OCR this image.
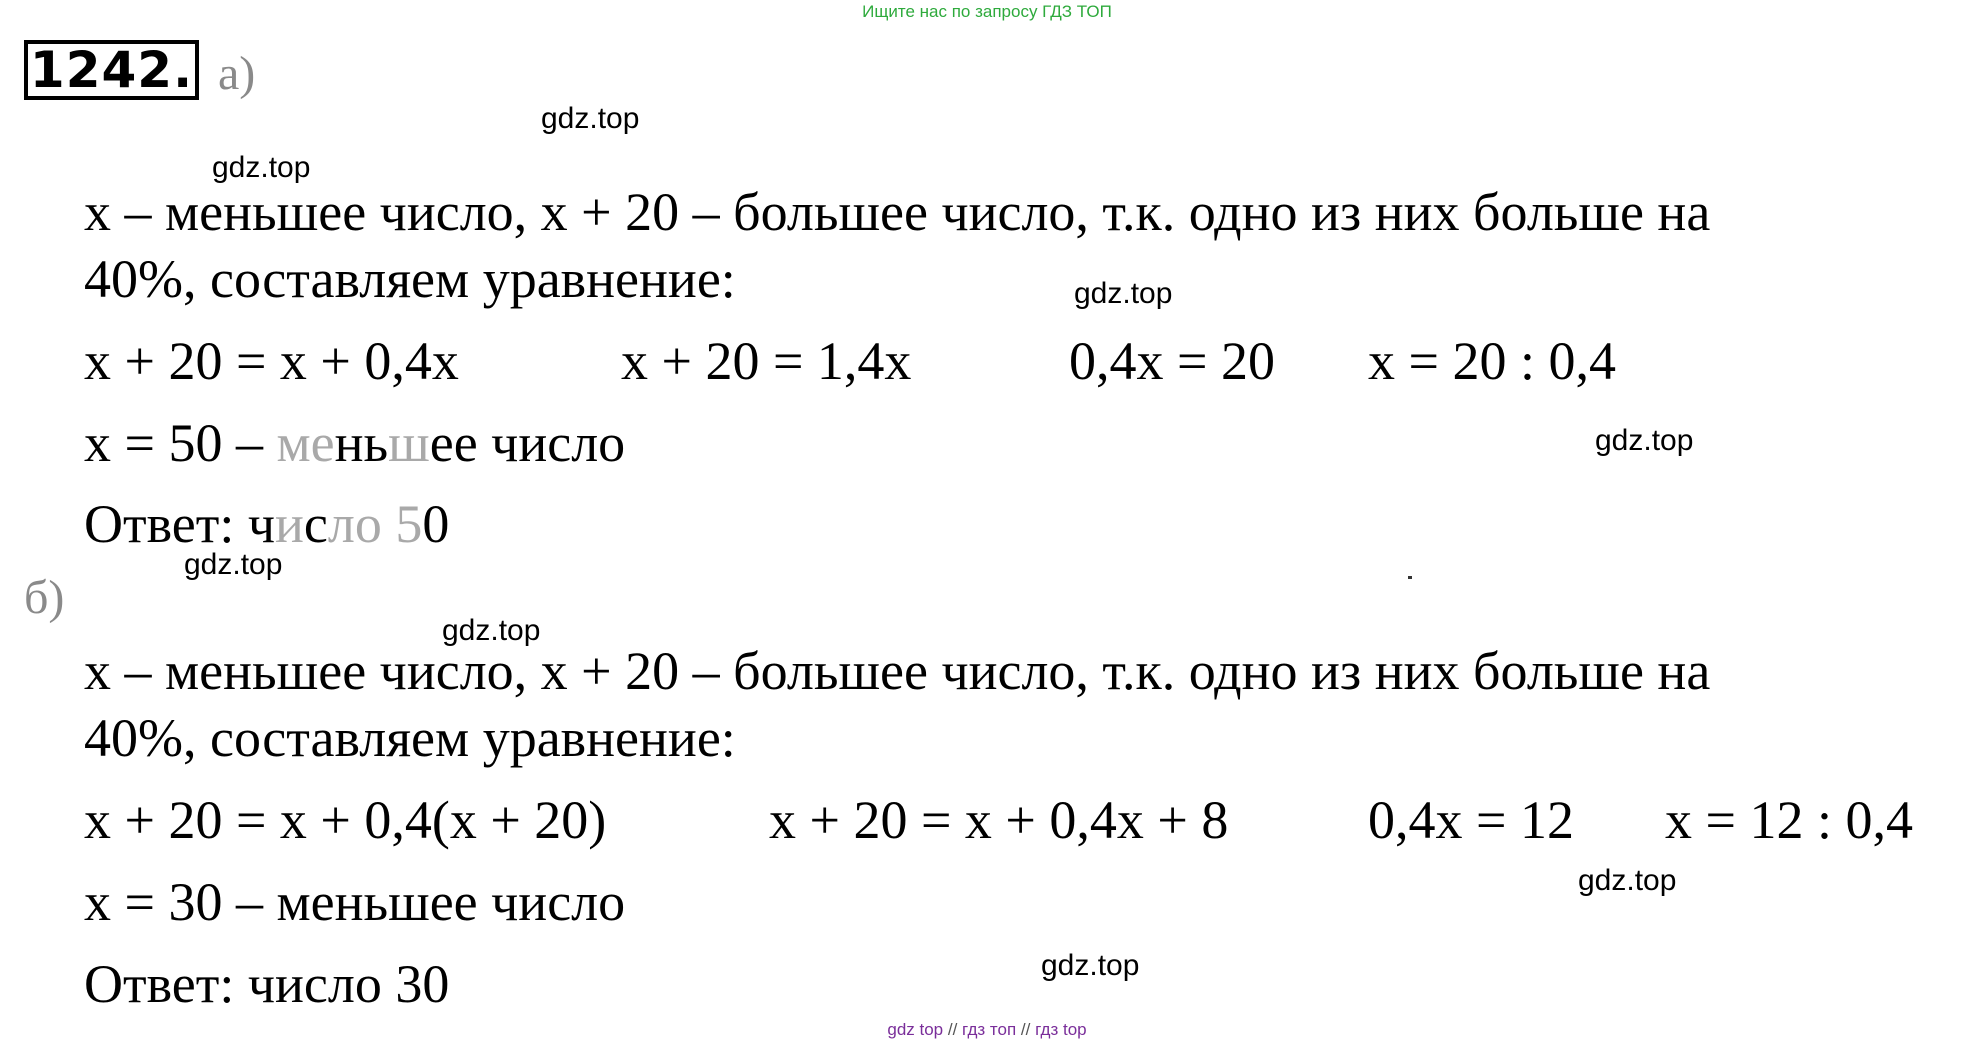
Ищите нас по запросу ГДЗ ТОП
1242. а)
gdz.top
gdz.top
gdz.top
gdz.top
gdz.top
gdz.top
gdz.top
gdz.top
x – меньшее число, x + 20 – большее число, т.к. одно из них больше на
40%, составляем уравнение:
x + 20 = x + 0,4x	x + 20 = 1,4x	0,4x = 20 x = 20 : 0,4
x = 50 – меньшее число
Ответ: число 50
б)
x – меньшее число, x + 20 – большее число, т.к. одно из них больше на
40%, составляем уравнение:
x + 20 = x + 0,4(x + 20)	x + 20 = x + 0,4x + 8	0,4x = 12 x = 12 : 0,4
x = 30 – меньшее число
Ответ: число 30
gdz top // гдз топ // гдз top
